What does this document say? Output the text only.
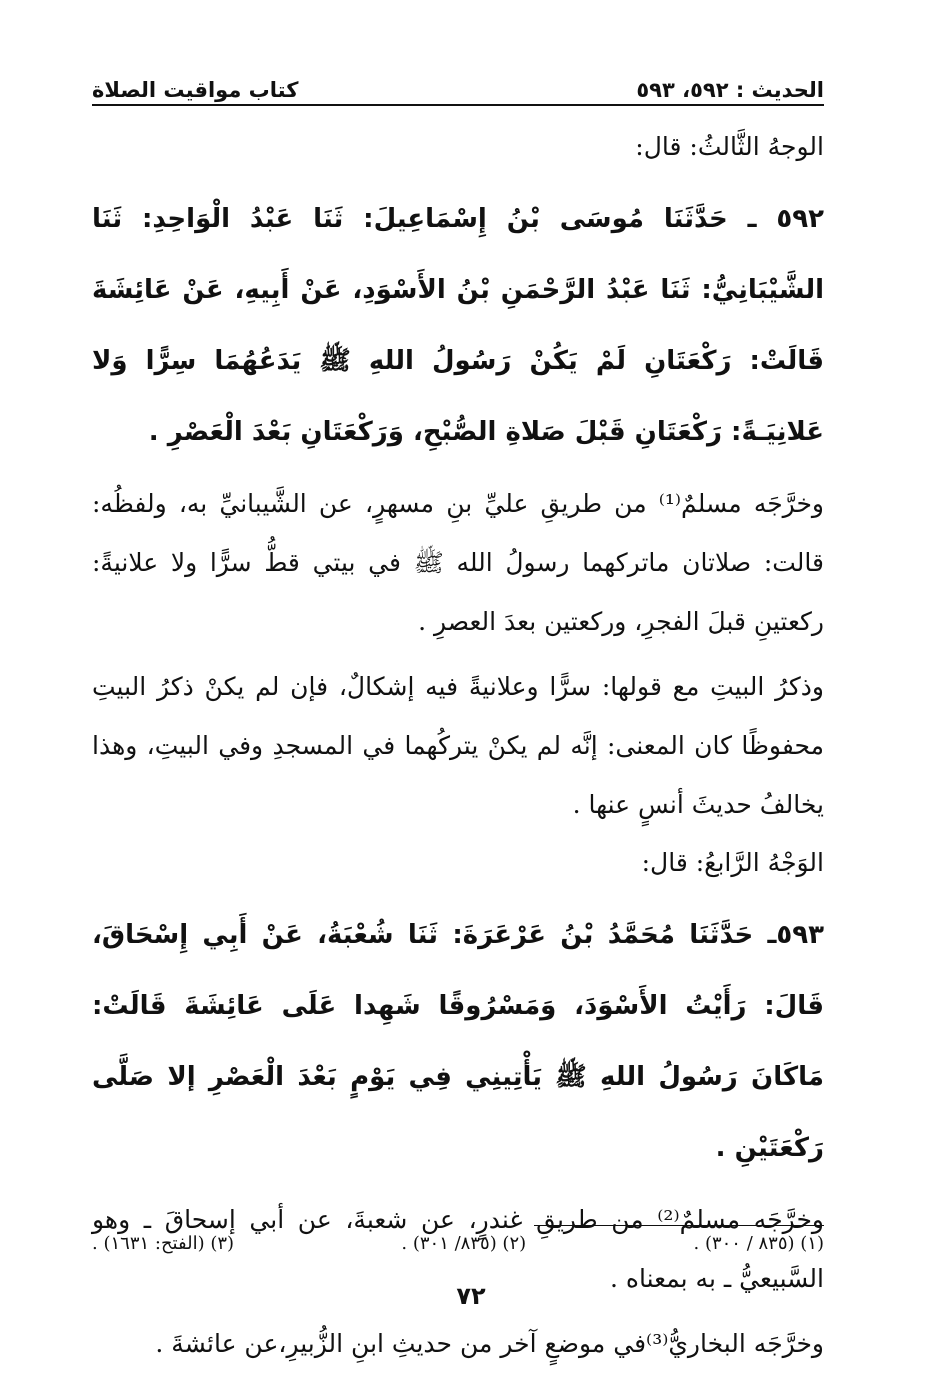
الحديث : ٥٩٢، ٥٩٣
كتاب مواقيت الصلاة

الوجهُ الثَّالثُ: قال:

٥٩٢ ـ حَدَّثَنَا مُوسَى بْنُ إِسْمَاعِيلَ: ثَنَا عَبْدُ الْوَاحِدِ: ثَنَا الشَّيْبَانِيُّ: ثَنَا عَبْدُ الرَّحْمَنِ بْنُ الأَسْوَدِ، عَنْ أَبِيهِ، عَنْ عَائِشَةَ قَالَتْ: رَكْعَتَانِ لَمْ يَكُنْ رَسُولُ اللهِ ﷺ يَدَعُهُمَا سِرًّا وَلا عَلانِيَـةً: رَكْعَتَانِ قَبْلَ صَلاةِ الصُّبْحِ، وَرَكْعَتَانِ بَعْدَ الْعَصْرِ .

وخرَّجَه مسلمٌ⁽¹⁾ من طريقِ عليِّ بنِ مسهرٍ، عن الشَّيبانيِّ به، ولفظُه: قالت: صلاتان ماتركهما رسولُ الله ﷺ في بيتي قطُّ سرًّا ولا علانيةً: ركعتينِ قبلَ الفجرِ، وركعتين بعدَ العصرِ .

وذكرُ البيتِ مع قولها: سرًّا وعلانيةً فيه إشكالٌ، فإن لم يكنْ ذكرُ البيتِ محفوظًا كان المعنى: إنَّه لم يكنْ يتركُهما في المسجدِ وفي البيتِ، وهذا يخالفُ حديثَ أنسٍ عنها .

الوَجْهُ الرَّابعُ: قال:

٥٩٣ـ حَدَّثَنَا مُحَمَّدُ بْنُ عَرْعَرَةَ: ثَنَا شُعْبَةُ، عَنْ أَبِي إِسْحَاقَ، قَالَ: رَأَيْتُ الأَسْوَدَ، وَمَسْرُوقًا شَهِدا عَلَى عَائِشَةَ قَالَتْ: مَاكَانَ رَسُولُ اللهِ ﷺ يَأْتِينِي فِي يَوْمٍ بَعْدَ الْعَصْرِ إلا صَلَّى رَكْعَتَيْنِ .

وخرَّجَه مسلمٌ⁽²⁾ من طريقِ غندرٍ، عن شعبةَ، عن أبي إسحاقَ ـ وهو السَّبيعيُّ ـ به بمعناه .

وخرَّجَه البخاريُّ⁽³⁾في موضعٍ آخر من حديثِ ابنِ الزُّبيرِ،عن عائشةَ .

(١) (٨٣٥ / ٣٠٠) .
(٢) (٨٣٥/ ٣٠١) .
(٣) (الفتح: ١٦٣١) .
٧٢
